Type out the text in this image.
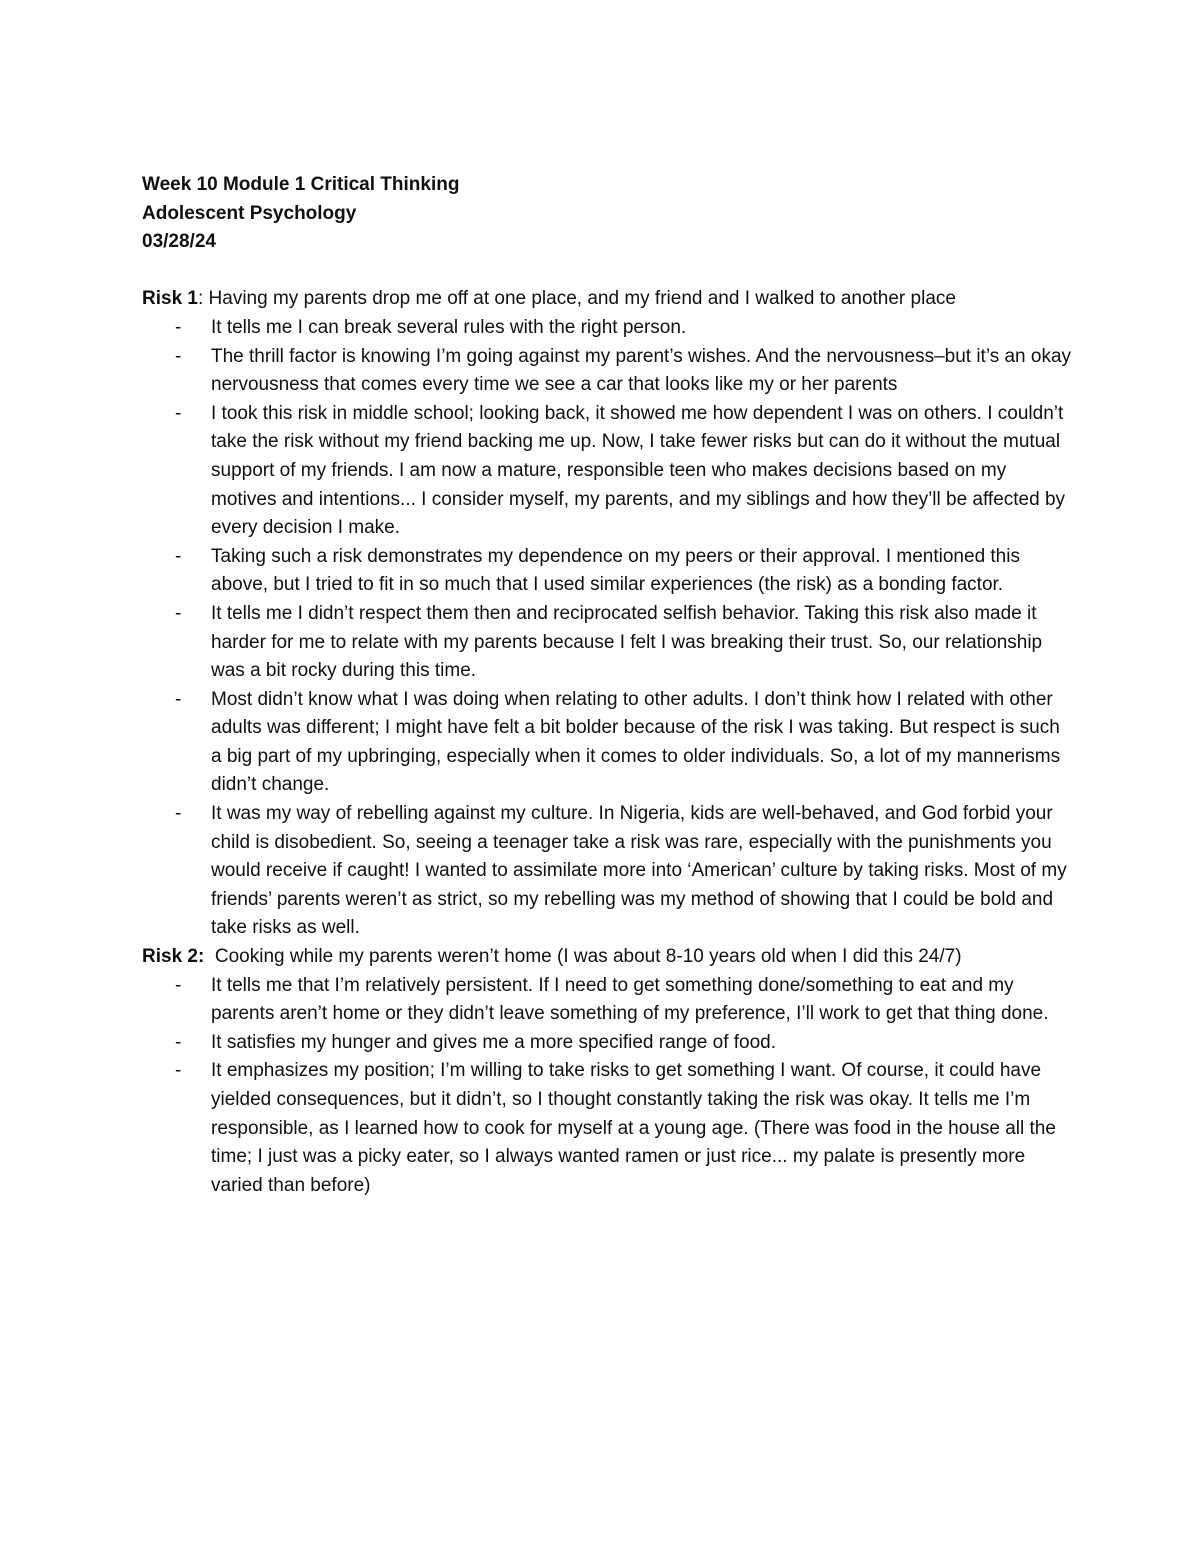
Week 10 Module 1 Critical Thinking

Adolescent Psychology

03/28/24

Risk 1: Having my parents drop me off at one place, and my friend and I walked to another place

- It tells me I can break several rules with the right person.
- The thrill factor is knowing I’m going against my parent’s wishes. And the nervousness–but it’s an okay nervousness that comes every time we see a car that looks like my or her parents
- I took this risk in middle school; looking back, it showed me how dependent I was on others. I couldn’t take the risk without my friend backing me up. Now, I take fewer risks but can do it without the mutual support of my friends. I am now a mature, responsible teen who makes decisions based on my motives and intentions... I consider myself, my parents, and my siblings and how they’ll be affected by every decision I make.
- Taking such a risk demonstrates my dependence on my peers or their approval. I mentioned this above, but I tried to fit in so much that I used similar experiences (the risk) as a bonding factor.
- It tells me I didn’t respect them then and reciprocated selfish behavior. Taking this risk also made it harder for me to relate with my parents because I felt I was breaking their trust. So, our relationship was a bit rocky during this time.
- Most didn’t know what I was doing when relating to other adults. I don’t think how I related with other adults was different; I might have felt a bit bolder because of the risk I was taking. But respect is such a big part of my upbringing, especially when it comes to older individuals. So, a lot of my mannerisms didn’t change.
- It was my way of rebelling against my culture. In Nigeria, kids are well-behaved, and God forbid your child is disobedient. So, seeing a teenager take a risk was rare, especially with the punishments you would receive if caught! I wanted to assimilate more into ‘American’ culture by taking risks. Most of my friends’ parents weren’t as strict, so my rebelling was my method of showing that I could be bold and take risks as well.

Risk 2:  Cooking while my parents weren’t home (I was about 8-10 years old when I did this 24/7)

- It tells me that I’m relatively persistent. If I need to get something done/something to eat and my parents aren’t home or they didn’t leave something of my preference, I’ll work to get that thing done.
- It satisfies my hunger and gives me a more specified range of food.
- It emphasizes my position; I’m willing to take risks to get something I want. Of course, it could have yielded consequences, but it didn’t, so I thought constantly taking the risk was okay. It tells me I’m responsible, as I learned how to cook for myself at a young age. (There was food in the house all the time; I just was a picky eater, so I always wanted ramen or just rice... my palate is presently more varied than before)
